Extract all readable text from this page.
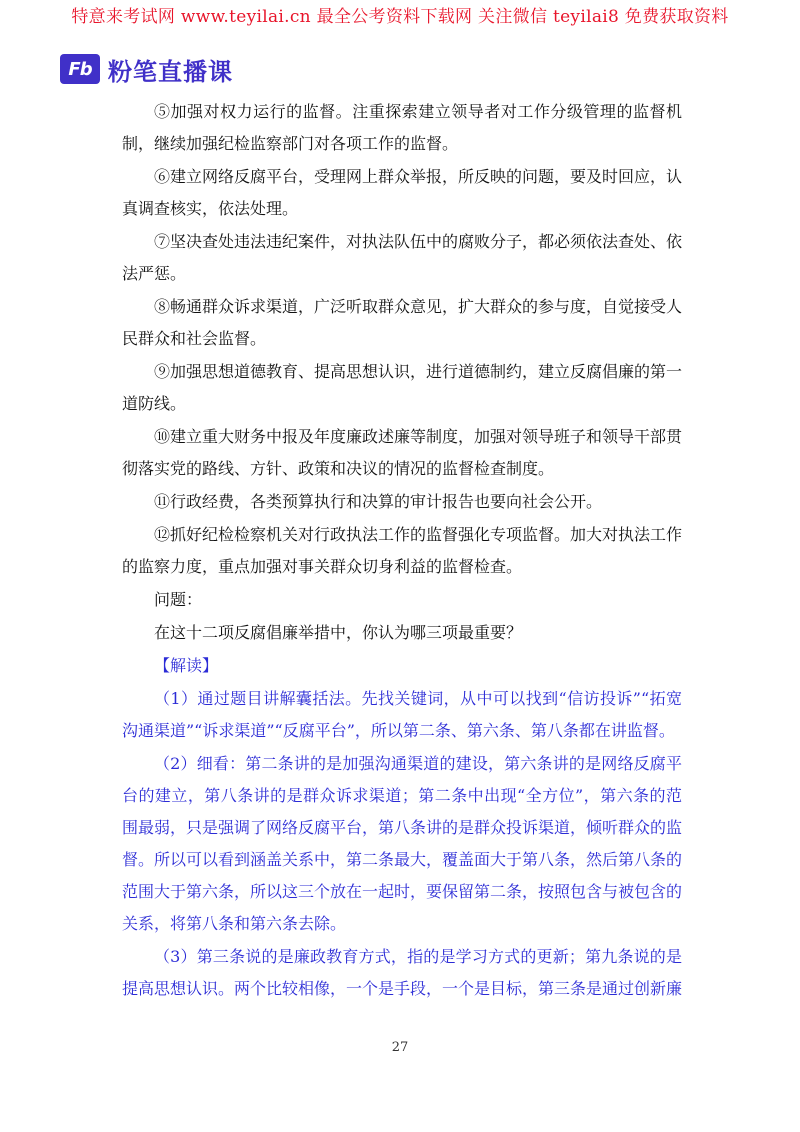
特意来考试网 www.teyilai.cn 最全公考资料下载网 关注微信 teyilai8 免费获取资料
Fb 粉笔直播课

⑤加强对权力运行的监督。注重探索建立领导者对工作分级管理的监督机制，继续加强纪检监察部门对各项工作的监督。

⑥建立网络反腐平台，受理网上群众举报，所反映的问题，要及时回应，认真调查核实，依法处理。

⑦坚决查处违法违纪案件，对执法队伍中的腐败分子，都必须依法查处、依法严惩。

⑧畅通群众诉求渠道，广泛听取群众意见，扩大群众的参与度，自觉接受人民群众和社会监督。

⑨加强思想道德教育、提高思想认识，进行道德制约，建立反腐倡廉的第一道防线。

⑩建立重大财务中报及年度廉政述廉等制度，加强对领导班子和领导干部贯彻落实党的路线、方针、政策和决议的情况的监督检查制度。

⑪行政经费，各类预算执行和决算的审计报告也要向社会公开。

⑫抓好纪检检察机关对行政执法工作的监督强化专项监督。加大对执法工作的监察力度，重点加强对事关群众切身利益的监督检查。

问题：

在这十二项反腐倡廉举措中，你认为哪三项最重要？

【解读】

（1）通过题目讲解囊括法。先找关键词，从中可以找到“信访投诉”“拓宽沟通渠道”“诉求渠道”“反腐平台”，所以第二条、第六条、第八条都在讲监督。

（2）细看：第二条讲的是加强沟通渠道的建设，第六条讲的是网络反腐平台的建立，第八条讲的是群众诉求渠道；第二条中出现“全方位”，第六条的范围最弱，只是强调了网络反腐平台，第八条讲的是群众投诉渠道，倾听群众的监督。所以可以看到涵盖关系中，第二条最大，覆盖面大于第八条，然后第八条的范围大于第六条，所以这三个放在一起时，要保留第二条，按照包含与被包含的关系，将第八条和第六条去除。

（3）第三条说的是廉政教育方式，指的是学习方式的更新；第九条说的是提高思想认识。两个比较相像，一个是手段，一个是目标，第三条是通过创新廉

27
